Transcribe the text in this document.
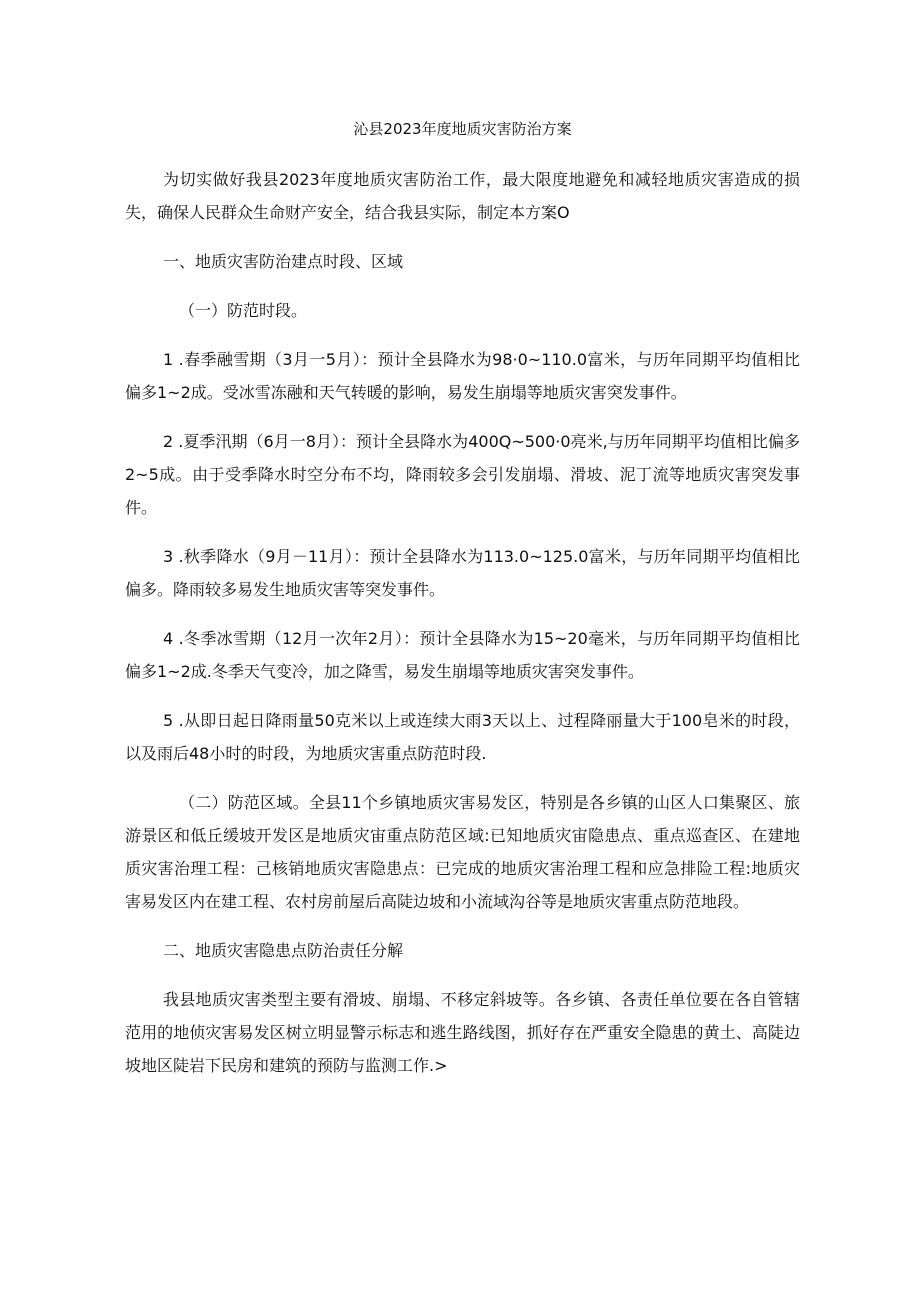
沁县2023年度地质灾害防治方案

为切实做好我县2023年度地质灾害防治工作，最大限度地避免和减轻地质灾害造成的损失，确保人民群众生命财产安全，结合我县实际，制定本方案O

一、地质灾害防治建点时段、区域

（一）防范时段。

1 .春季融雪期（3月一5月）：预计全县降水为98·0~110.0富米，与历年同期平均值相比偏多1~2成。受冰雪冻融和天气转暖的影响，易发生崩塌等地质灾害突发事件。

2 .夏季汛期（6月一8月）：预计全县降水为400Q~500·0亮米,与历年同期平均值相比偏多2~5成。由于受季降水时空分布不均，降雨较多会引发崩塌、滑坡、泥丁流等地质灾害突发事件。

3 .秋季降水（9月－11月）：预计全县降水为113.0~125.0富米，与历年同期平均值相比偏多。降雨较多易发生地质灾害等突发事件。

4 .冬季冰雪期（12月一次年2月）：预计全县降水为15~20毫米，与历年同期平均值相比偏多1~2成.冬季天气变冷，加之降雪，易发生崩塌等地质灾害突发事件。

5 .从即日起日降雨量50克米以上或连续大雨3天以上、过程降丽量大于100皂米的时段，以及雨后48小时的时段，为地质灾害重点防范时段.

（二）防范区域。全县11个乡镇地质灾害易发区，特别是各乡镇的山区人口集聚区、旅游景区和低丘缓坡开发区是地质灾宙重点防范区域:已知地质灾宙隐患点、重点巡查区、在建地质灾害治理工程：己核销地质灾害隐患点：已完成的地质灾害治理工程和应急排险工程:地质灾害易发区内在建工程、农村房前屋后高陡边坡和小流域沟谷等是地质灾害重点防范地段。

二、地质灾害隐患点防治责任分解

我县地质灾害类型主要有滑坡、崩塌、不移定斜坡等。各乡镇、各责任单位要在各自管辖范用的地侦灾害易发区树立明显警示标志和逃生路线图，抓好存在严重安全隐患的黄土、高陡边坡地区陡岩下民房和建筑的预防与监测工作.>
